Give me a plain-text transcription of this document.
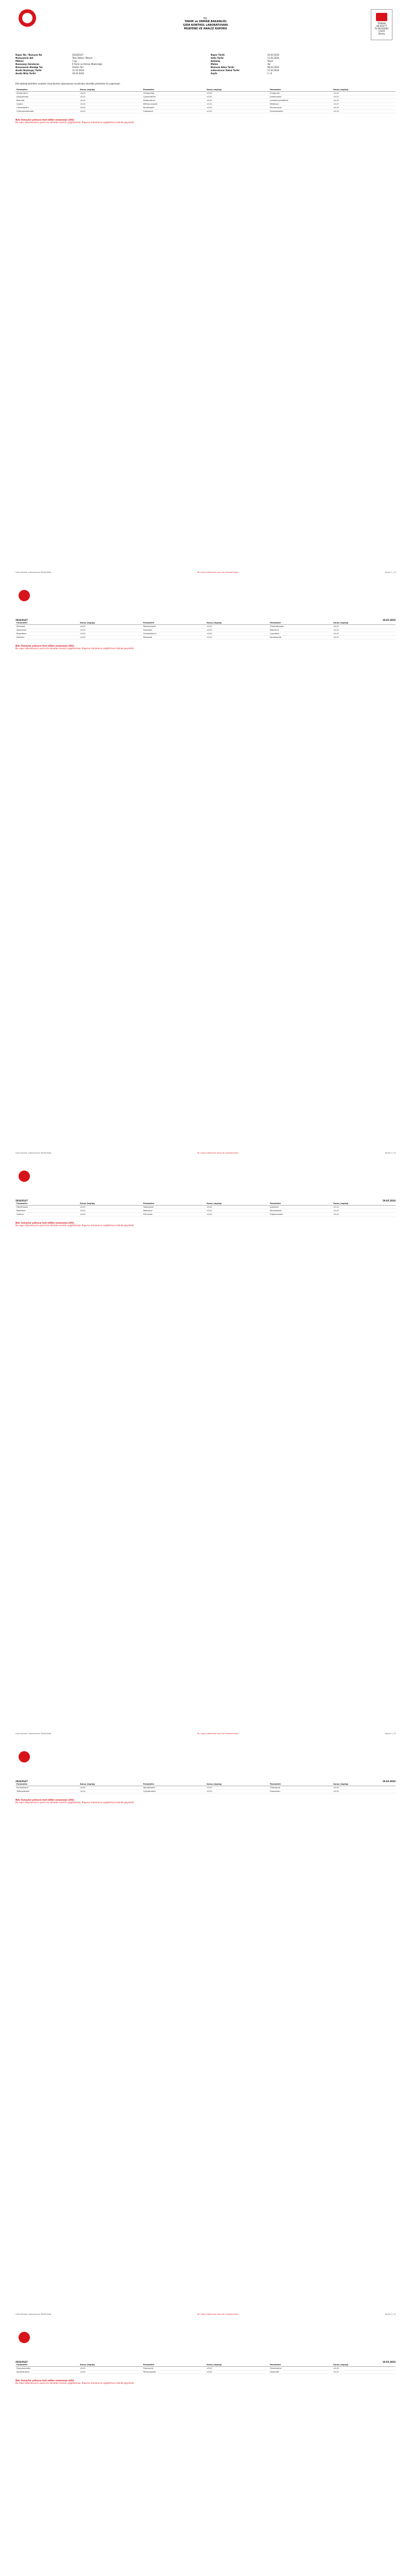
TÜRKAK
AB-0207-T
TS EN ISO/IEC 17025
Deney
T.C.
TARIM ve ORMAN BAKANLIĞI
GIDA KONTROL LABORATUVARI
MUAYENE VE ANALİZ RAPORU
Rapor No / Numune No	2024/0147
Numunenin Adı	Taze Sebze / Meyve
Miktarı	1 kg
Numuneyi Gönderen	İl Tarım ve Orman Müdürlüğü
Numunenin Alındığı Yer	Üretim Yeri
Analiz Başlangıç Tarihi	11.03.2024
Analiz Bitiş Tarihi	19.03.2024
Rapor Tarihi	19.03.2024
Geliş Tarihi	11.03.2024
Ambalaj	Poşet
Mühür	Var
Numune Alma Tarihi	08.03.2024
Laboratuvar Kabul Tarihi	11.03.2024
Sayfa	1 / 6
Ekli tabloda belirtilen analizler Gıda Kontrol Laboratuvarı tarafından akredite yöntemler ile yapılmıştır.
Parametre	Sonuç (mg/kg)	Parametre	Sonuç (mg/kg)	Parametre	Sonuç (mg/kg)
Acetamiprid	<0,01	Chlorpyrifos	<0,01	Fluopyram	<0,01
Azoxystrobin	<0,01	Cypermethrin	<0,01	Imidacloprid	<0,01
Boscalid	<0,01	Deltamethrin	<0,01	Lambda-cyhalothrin	<0,01
Captan	<0,01	Difenoconazole	<0,01	Metalaxyl	<0,01
Carbendazim	<0,01	Dimethoate	<0,01	Penconazole	<0,01
Chlorantraniliprole	<0,01	Fludioxonil	<0,01	Pyraclostrobin	<0,01
Not: Sonuçlar yalnızca test edilen numuneye aittir.
Bu rapor laboratuvarın yazılı izni olmadan kısmen çoğaltılamaz. Raporun tamamının çoğaltılması halinde geçerlidir.
Gıda Kontrol Laboratuvar Müdürlüğü	Bu rapor elektronik imza ile imzalanmıştır.	Sayfa 1 / 6
2024/0147	19.03.2024
Parametre	Sonuç (mg/kg)	Parametre	Sonuç (mg/kg)	Parametre	Sonuç (mg/kg)
Spinosad	<0,01	Tebuconazole	<0,01	Thiamethoxam	<0,01
Abamectin	<0,01	Acephate	<0,01	Bifenthrin	<0,01
Buprofezin	<0,01	Chlorothalonil	<0,01	Cyprodinil	<0,01
Diazinon	<0,01	Etoxazole	<0,01	Fenhexamid	<0,01
Not: Sonuçlar yalnızca test edilen numuneye aittir.
Bu rapor laboratuvarın yazılı izni olmadan kısmen çoğaltılamaz. Raporun tamamının çoğaltılması halinde geçerlidir.
Gıda Kontrol Laboratuvar Müdürlüğü	Bu rapor elektronik imza ile imzalanmıştır.	Sayfa 2 / 6
2024/0147	19.03.2024
Parametre	Sonuç (mg/kg)	Parametre	Sonuç (mg/kg)	Parametre	Sonuç (mg/kg)
Hexythiazox	<0,01	Indoxacarb	<0,01	Iprodione	<0,01
Malathion	<0,01	Methomyl	<0,01	Myclobutanil	<0,01
Oxamyl	<0,01	Pirimicarb	<0,01	Propiconazole	<0,01
Not: Sonuçlar yalnızca test edilen numuneye aittir.
Bu rapor laboratuvarın yazılı izni olmadan kısmen çoğaltılamaz. Raporun tamamının çoğaltılması halinde geçerlidir.
Gıda Kontrol Laboratuvar Müdürlüğü	Bu rapor elektronik imza ile imzalanmıştır.	Sayfa 3 / 6
2024/0147	19.03.2024
Parametre	Sonuç (mg/kg)	Parametre	Sonuç (mg/kg)	Parametre	Sonuç (mg/kg)
Pyrimethanil	<0,01	Spirodiclofen	<0,01	Thiacloprid	<0,01
Trifloxystrobin	<0,01	Cyflufenamid	<0,01	Emamectin	<0,01
Not: Sonuçlar yalnızca test edilen numuneye aittir.
Bu rapor laboratuvarın yazılı izni olmadan kısmen çoğaltılamaz. Raporun tamamının çoğaltılması halinde geçerlidir.
Gıda Kontrol Laboratuvar Müdürlüğü	Bu rapor elektronik imza ile imzalanmıştır.	Sayfa 4 / 6
2024/0147	19.03.2024
Parametre	Sonuç (mg/kg)	Parametre	Sonuç (mg/kg)	Parametre	Sonuç (mg/kg)
Fenpyroximate	<0,01	Flonicamid	<0,01	Pymetrozine	<0,01
Spirotetramat	<0,01	Tetraconazole	<0,01	Zoxamide	<0,01
Not: Sonuçlar yalnızca test edilen numuneye aittir.
Bu rapor laboratuvarın yazılı izni olmadan kısmen çoğaltılamaz. Raporun tamamının çoğaltılması halinde geçerlidir.
